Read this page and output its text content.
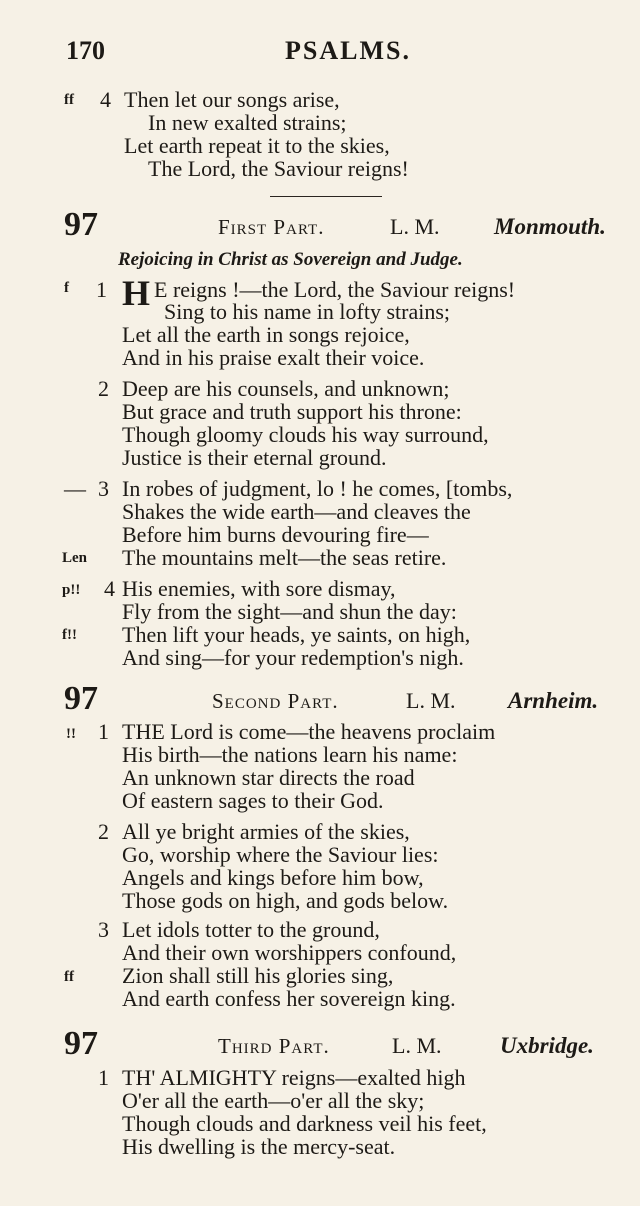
170	PSALMS.
ff 4 Then let our songs arise,
In new exalted strains;
Let earth repeat it to the skies,
The Lord, the Saviour reigns!
97	First Part.	L. M. Monmouth.
Rejoicing in Christ as Sovereign and Judge.
f 1 H E reigns !—the Lord, the Saviour reigns!
Sing to his name in lofty strains;
Let all the earth in songs rejoice,
And in his praise exalt their voice.
2 Deep are his counsels, and unknown;
But grace and truth support his throne:
Though gloomy clouds his way surround,
Justice is their eternal ground.
— 3 In robes of judgment, lo ! he comes, [tombs,
Shakes the wide earth—and cleaves the
Before him burns devouring fire—
Len The mountains melt—the seas retire.
p!! 4 His enemies, with sore dismay,
Fly from the sight—and shun the day:
f!! Then lift your heads, ye saints, on high,
And sing—for your redemption's nigh.
97	Second Part.	L. M. Arnheim.
!! 1 THE Lord is come—the heavens proclaim
His birth—the nations learn his name:
An unknown star directs the road
Of eastern sages to their God.
2 All ye bright armies of the skies,
Go, worship where the Saviour lies:
Angels and kings before him bow,
Those gods on high, and gods below.
3 Let idols totter to the ground,
And their own worshippers confound,
ff Zion shall still his glories sing,
And earth confess her sovereign king.
97	Third Part.	L. M.	Uxbridge.
1 TH' ALMIGHTY reigns—exalted high
O'er all the earth—o'er all the sky;
Though clouds and darkness veil his feet,
His dwelling is the mercy-seat.
